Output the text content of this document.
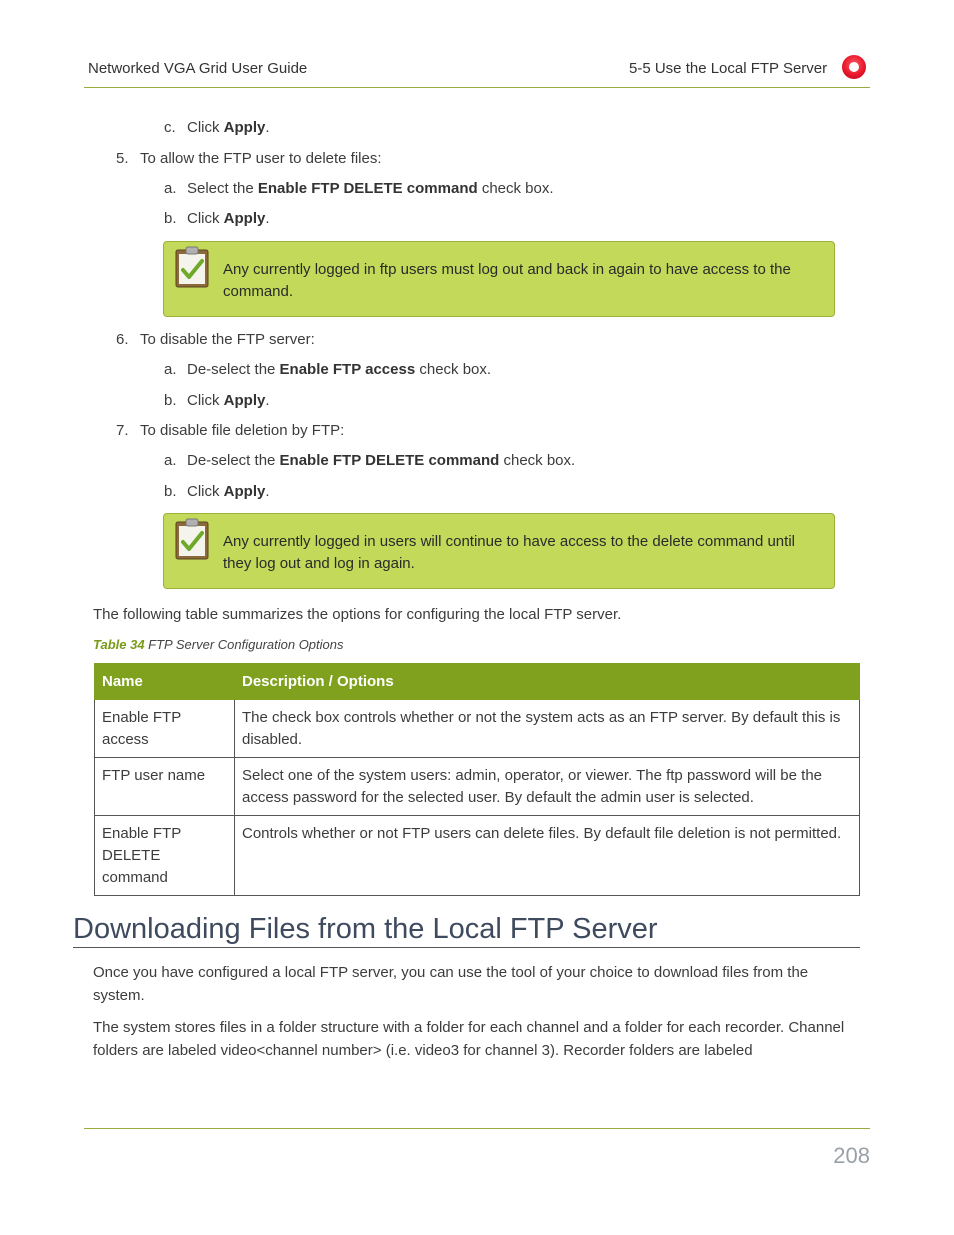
Networked VGA Grid User Guide	5-5 Use the Local FTP Server
c. Click Apply.
5. To allow the FTP user to delete files:
a. Select the Enable FTP DELETE command check box.
b. Click Apply.
Any currently logged in ftp users must log out and back in again to have access to the command.
6. To disable the FTP server:
a. De-select the Enable FTP access check box.
b. Click Apply.
7. To disable file deletion by FTP:
a. De-select the Enable FTP DELETE command check box.
b. Click Apply.
Any currently logged in users will continue to have access to the delete command until they log out and log in again.
The following table summarizes the options for configuring the local FTP server.
Table 34 FTP Server Configuration Options
Name	Description / Options
Enable FTP access	The check box controls whether or not the system acts as an FTP server. By default this is disabled.
FTP user name	Select one of the system users: admin, operator, or viewer. The ftp password will be the access password for the selected user. By default the admin user is selected.
Enable FTP DELETE command	Controls whether or not FTP users can delete files. By default file deletion is not permitted.
Downloading Files from the Local FTP Server
Once you have configured a local FTP server, you can use the tool of your choice to download files from the system.
The system stores files in a folder structure with a folder for each channel and a folder for each recorder. Channel folders are labeled video<channel number> (i.e. video3 for channel 3). Recorder folders are labeled
208
